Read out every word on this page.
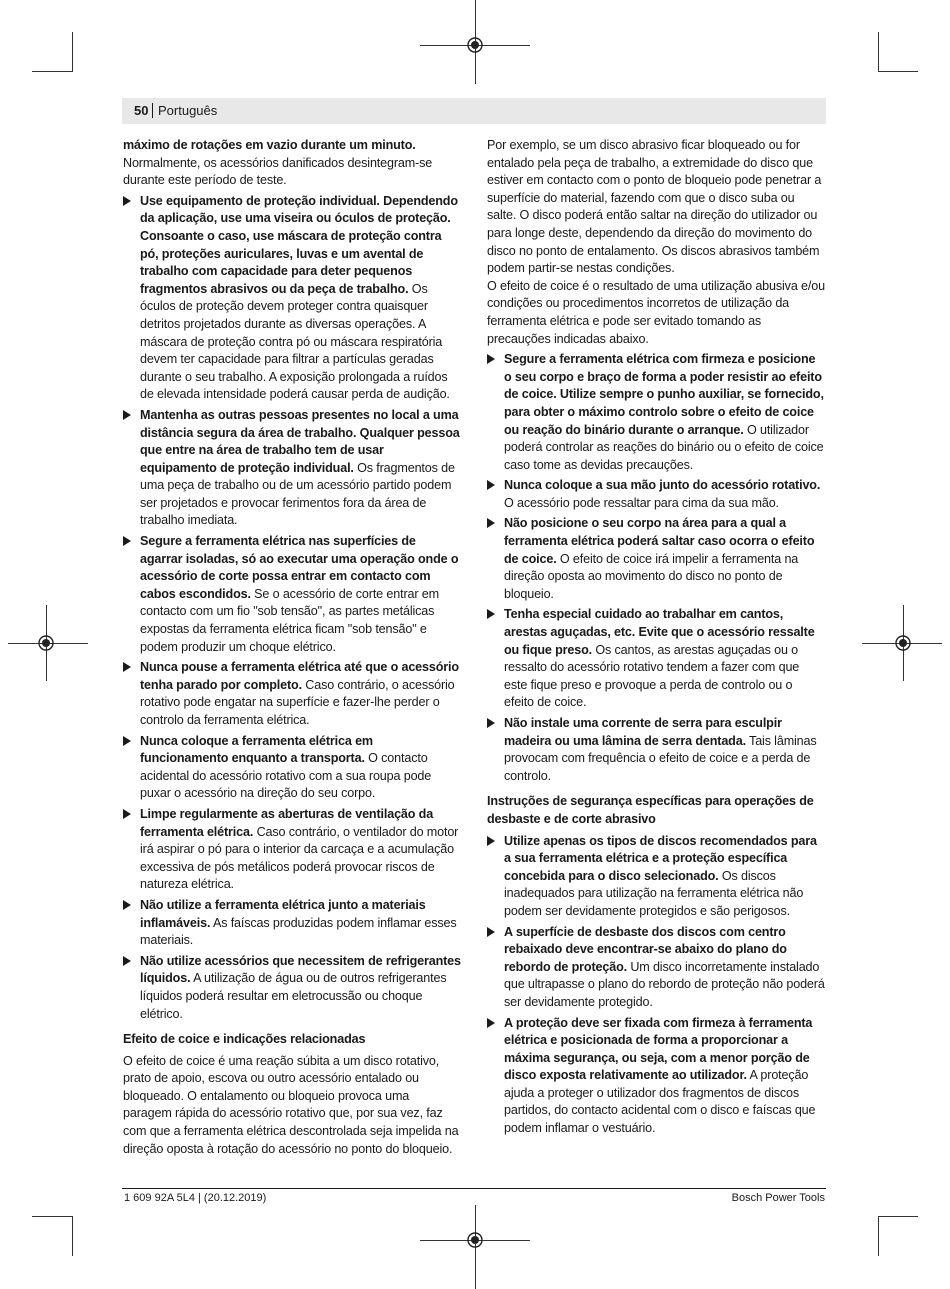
50 Português

máximo de rotações em vazio durante um minuto. Normalmente, os acessórios danificados desintegram-se durante este período de teste.

Use equipamento de proteção individual. Dependendo da aplicação, use uma viseira ou óculos de proteção. Consoante o caso, use máscara de proteção contra pó, proteções auriculares, luvas e um avental de trabalho com capacidade para deter pequenos fragmentos abrasivos ou da peça de trabalho. Os óculos de proteção devem proteger contra quaisquer detritos projetados durante as diversas operações. A máscara de proteção contra pó ou máscara respiratória devem ter capacidade para filtrar a partículas geradas durante o seu trabalho. A exposição prolongada a ruídos de elevada intensidade poderá causar perda de audição.
Mantenha as outras pessoas presentes no local a uma distância segura da área de trabalho. Qualquer pessoa que entre na área de trabalho tem de usar equipamento de proteção individual. Os fragmentos de uma peça de trabalho ou de um acessório partido podem ser projetados e provocar ferimentos fora da área de trabalho imediata.
Segure a ferramenta elétrica nas superfícies de agarrar isoladas, só ao executar uma operação onde o acessório de corte possa entrar em contacto com cabos escondidos. Se o acessório de corte entrar em contacto com um fio "sob tensão", as partes metálicas expostas da ferramenta elétrica ficam "sob tensão" e podem produzir um choque elétrico.
Nunca pouse a ferramenta elétrica até que o acessório tenha parado por completo. Caso contrário, o acessório rotativo pode engatar na superfície e fazer-lhe perder o controlo da ferramenta elétrica.
Nunca coloque a ferramenta elétrica em funcionamento enquanto a transporta. O contacto acidental do acessório rotativo com a sua roupa pode puxar o acessório na direção do seu corpo.
Limpe regularmente as aberturas de ventilação da ferramenta elétrica. Caso contrário, o ventilador do motor irá aspirar o pó para o interior da carcaça e a acumulação excessiva de pós metálicos poderá provocar riscos de natureza elétrica.
Não utilize a ferramenta elétrica junto a materiais inflamáveis. As faíscas produzidas podem inflamar esses materiais.
Não utilize acessórios que necessitem de refrigerantes líquidos. A utilização de água ou de outros refrigerantes líquidos poderá resultar em eletrocussão ou choque elétrico.
Efeito de coice e indicações relacionadas

O efeito de coice é uma reação súbita a um disco rotativo, prato de apoio, escova ou outro acessório entalado ou bloqueado. O entalamento ou bloqueio provoca uma paragem rápida do acessório rotativo que, por sua vez, faz com que a ferramenta elétrica descontrolada seja impelida na direção oposta à rotação do acessório no ponto do bloqueio.

Por exemplo, se um disco abrasivo ficar bloqueado ou for entalado pela peça de trabalho, a extremidade do disco que estiver em contacto com o ponto de bloqueio pode penetrar a superfície do material, fazendo com que o disco suba ou salte. O disco poderá então saltar na direção do utilizador ou para longe deste, dependendo da direção do movimento do disco no ponto de entalamento. Os discos abrasivos também podem partir-se nestas condições.

O efeito de coice é o resultado de uma utilização abusiva e/ou condições ou procedimentos incorretos de utilização da ferramenta elétrica e pode ser evitado tomando as precauções indicadas abaixo.

Segure a ferramenta elétrica com firmeza e posicione o seu corpo e braço de forma a poder resistir ao efeito de coice. Utilize sempre o punho auxiliar, se fornecido, para obter o máximo controlo sobre o efeito de coice ou reação do binário durante o arranque. O utilizador poderá controlar as reações do binário ou o efeito de coice caso tome as devidas precauções.
Nunca coloque a sua mão junto do acessório rotativo. O acessório pode ressaltar para cima da sua mão.
Não posicione o seu corpo na área para a qual a ferramenta elétrica poderá saltar caso ocorra o efeito de coice. O efeito de coice irá impelir a ferramenta na direção oposta ao movimento do disco no ponto de bloqueio.
Tenha especial cuidado ao trabalhar em cantos, arestas aguçadas, etc. Evite que o acessório ressalte ou fique preso. Os cantos, as arestas aguçadas ou o ressalto do acessório rotativo tendem a fazer com que este fique preso e provoque a perda de controlo ou o efeito de coice.
Não instale uma corrente de serra para esculpir madeira ou uma lâmina de serra dentada. Tais lâminas provocam com frequência o efeito de coice e a perda de controlo.
Instruções de segurança específicas para operações de desbaste e de corte abrasivo
Utilize apenas os tipos de discos recomendados para a sua ferramenta elétrica e a proteção específica concebida para o disco selecionado. Os discos inadequados para utilização na ferramenta elétrica não podem ser devidamente protegidos e são perigosos.
A superfície de desbaste dos discos com centro rebaixado deve encontrar-se abaixo do plano do rebordo de proteção. Um disco incorretamente instalado que ultrapasse o plano do rebordo de proteção não poderá ser devidamente protegido.
A proteção deve ser fixada com firmeza à ferramenta elétrica e posicionada de forma a proporcionar a máxima segurança, ou seja, com a menor porção de disco exposta relativamente ao utilizador. A proteção ajuda a proteger o utilizador dos fragmentos de discos partidos, do contacto acidental com o disco e faíscas que podem inflamar o vestuário.
1 609 92A 5L4 | (20.12.2019)	Bosch Power Tools
